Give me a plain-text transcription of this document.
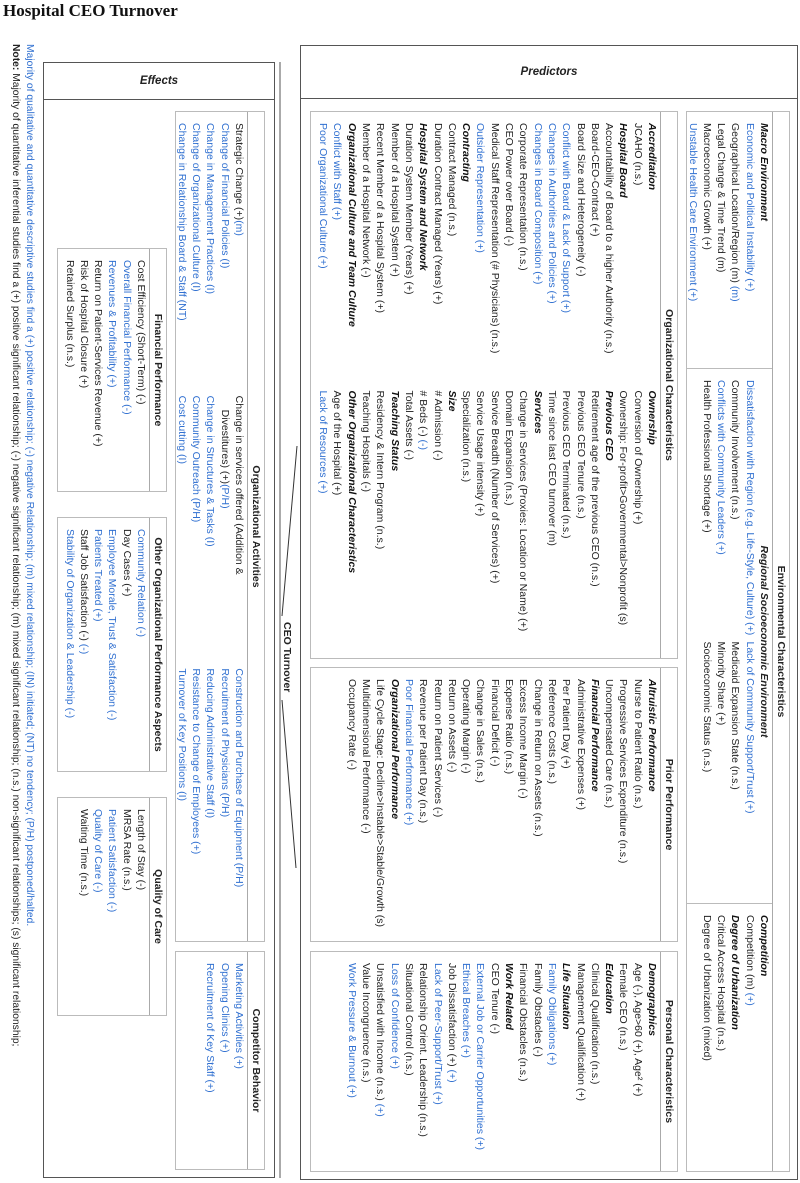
Hospital CEO Turnover
Majority of qualitative and quantitative descriptive studies find a (+) positive relationship; (-) negative Relationship; (m) mixed relationship; (IN) initiated; (NT) no tendency; (P/H) postponed/halted.
Note: Majority of quantitative inferential studies find a (+) positive significant relationship; (-) negative significant relationship; (m) mixed significant relationship; (n.s.) non-significant relationships; (s) significant relationship;
Predictors
Effects
Environmental Characteristics
Macro Environment
Economic and Political Instability (+)
Geographical Location/Region (m) (m)
Legal Change & Time Trend (m)
Macroeconomic Growth (+)
Unstable Health Care Environment (+)
Regional Socioeconomic Environment
Dissatisfaction with Region (e.g. Life-Style, Culture) (+)
Community Involvement (n.s.)
Conflicts with Community Leaders (+)
Health Professional Shortage (+)
Lack of Community Support/Trust (+)
Medicaid Expansion State (n.s.)
Minority Share (+)
Socioeconomic Status (n.s.)
Competition
Competition (m) (+)
Degree of Urbanization
Critical Access Hospital (n.s.)
Degree of Urbanization (mixed)
Organizational Characteristics
Accreditation
JCAHO (n.s.)
Hospital Board
Accountability of Board to a higher Authority (n.s.)
Board-CEO-Contract (+)
Board Size and Heterogeneity (-)
Conflict with Board & Lack of Support (+)
Changes in Authorities and Policies (+)
Changes in Board Composition (+)
Corporate Representation (n.s.)
CEO Power over Board (-)
Medical Staff Representation (# Physicians) (n.s.)
Outsider Representation (+)
Contracting
Contract Managed (n.s.)
Duration Contract Managed (Years) (+)
Hospital System and Network
Duration System Member (Years) (+)
Member of a Hospital System (+)
Recent Member of a Hospital System (+)
Member of a Hospital Network (-)
Organizational Culture and Team Culture
Conflict with Staff (+)
Poor Organizational Culture (+)
Ownership
Conversion of Ownership (+)
Ownership: For-profit>Governmental>Nonprofit (s)
Previous CEO
Retirement age of the previous CEO (n.s.)
Previous CEO Tenure (n.s.)
Previous CEO Terminated (n.s.)
Time since last CEO turnover (m)
Services
Change in Services (Proxies: Location or Name) (+)
Domain Expansion (n.s.)
Service Breadth (Number of Services) (+)
Service Usage intensity (+)
Specialization (n.s.)
Size
# Admission (-)
# Beds (-) (-)
Total Assets (-)
Teaching Status
Residency & Intern Program (n.s.)
Teaching Hospitals (-)
Other Organizational Characteristics
Age of the Hospital (+)
Lack of Resources (+)
Prior Performance
Altruistic Performance
Nurse to Patient Ratio (n.s.)
Progressive Services Expenditure (n.s.)
Uncompensated Care (n.s.)
Financial Performance
Administrative Expenses (+)
Per Patient Day (+)
Reference Costs (n.s.)
Change in Return on Assets (n.s.)
Excess Income Margin (-)
Expense Ratio (n.s.)
Financial Deficit (-)
Change in Sales (n.s.)
Operating Margin (-)
Return on Assets (-)
Return on Patient Services (-)
Revenue per Patient Day (n.s.)
Poor Financial Performance (+)
Organizational Performance
Life Cycle Stage: Decline>Instable>Stable/Growth (s)
Multidimensional Performance (-)
Occupancy Rate (-)
Personal Characteristics
Demographics
Age (-), Age>60 (+), Age² (+)
Female CEO (n.s.)
Education
Clinical Qualification (n.s.)
Management Qualification (+)
Life Situation
Family Obligations (+)
Family Obstacles (-)
Financial Obstacles (n.s.)
Work Related
CEO Tenure (-)
External Job or Carrier Opportunities (+)
Ethical Breaches (+)
Job Dissatisfaction (+) (+)
Lack of Peer-Support/Trust (+)
Relationship Orient. Leadership (n.s.)
Situational Control (n.s.)
Loss of Confidence (+)
Unsatisfied with Income (n.s.) (+)
Value Incongruence (n.s.)
Work Pressure & Burnout (+)
Organizational Activities
Strategic Change (+)(m)
Change of Financial Policies (I)
Change in Management Practices (I)
Change of Organizational Culture (I)
Change in Relationship Board & Staff (NT)
Change in services offered (Addition &
Divestitures) (+)(P/H)
Change in Structures & Tasks (I)
Community Outreach (P/H)
Cost cutting (I)
Construction and Purchase of Equipment (P/H)
Recruitment of Physicians (P/H)
Reducing Administrative Staff (I)
Resistance to Change of Employees (+)
Turnover of Key Positions (I)
Competitor Behavior
Marketing Activities (+)
Opening Clinics (+)
Recruitment of Key Staff (+)
Financial Performance
Cost Efficiency (Short-Term) (-)
Overall Financial Performance (-)
Revenues & Profitability (+)
Return on Patient-Services Revenue (+)
Risk of Hospital Closure (+)
Retained Surplus (n.s.)
Other Organizational Performance Aspects
Community Relation (-)
Day Cases (+)
Employee Morale, Trust & Satisfaction (-)
Patients Treated (+)
Staff Job Satisfaction (-) (-)
Stability of Organization & Leadership (-)
Quality of Care
Length of Stay (-)
MRSA Rate (n.s.)
Patient Satisfaction (-)
Quality of Care (-)
Waiting Time (n.s.)
CEO Turnover
